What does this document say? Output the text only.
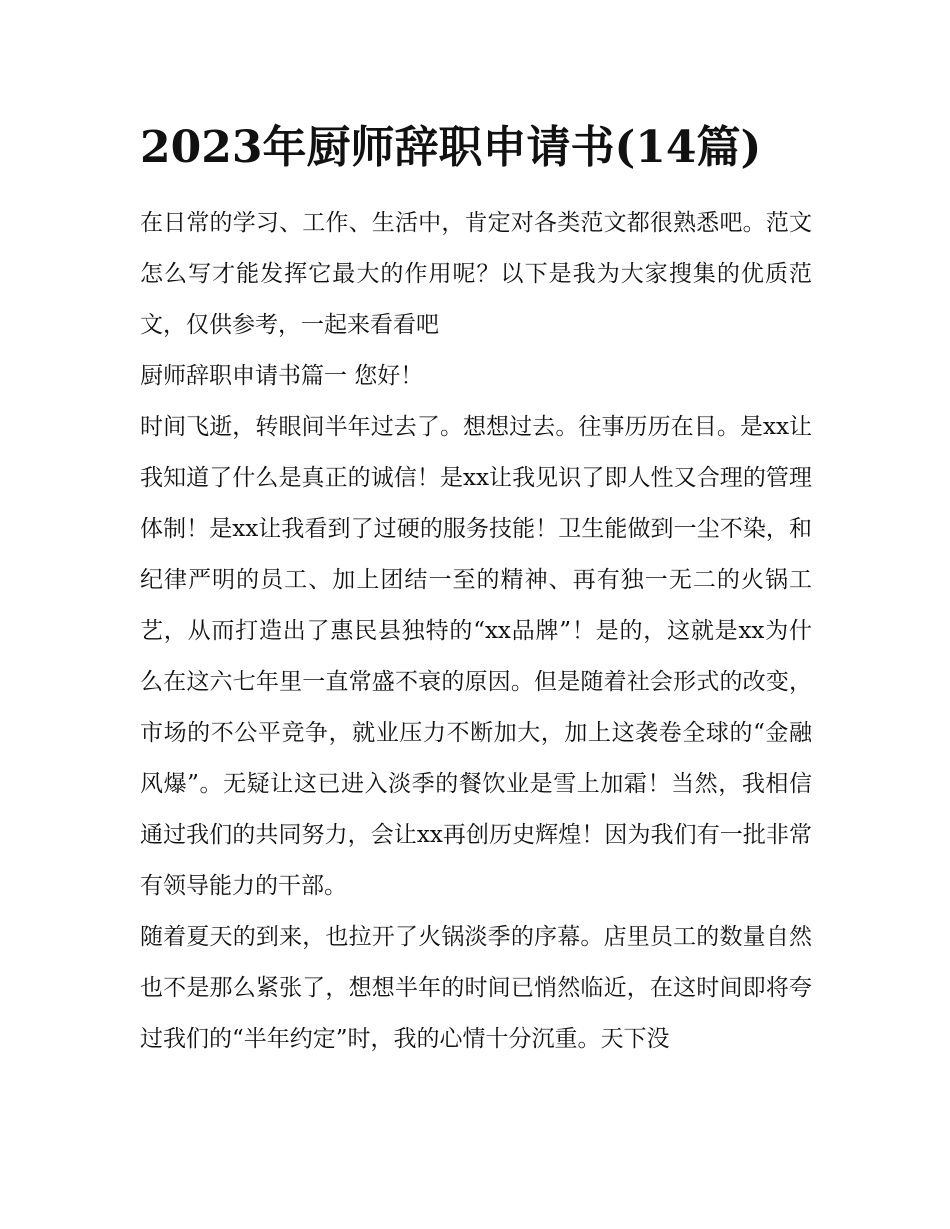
2023年厨师辞职申请书(14篇)

在日常的学习、工作、生活中，肯定对各类范文都很熟悉吧。范文怎么写才能发挥它最大的作用呢？以下是我为大家搜集的优质范文，仅供参考，一起来看看吧

厨师辞职申请书篇一 您好！

时间飞逝，转眼间半年过去了。想想过去。往事历历在目。是xx让我知道了什么是真正的诚信！是xx让我见识了即人性又合理的管理体制！是xx让我看到了过硬的服务技能！卫生能做到一尘不染，和纪律严明的员工、加上团结一至的精神、再有独一无二的火锅工艺，从而打造出了惠民县独特的“xx品牌”！是的，这就是xx为什么在这六七年里一直常盛不衰的原因。但是随着社会形式的改变，市场的不公平竞争，就业压力不断加大，加上这袭卷全球的“金融风爆”。无疑让这已进入淡季的餐饮业是雪上加霜！当然，我相信通过我们的共同努力，会让xx再创历史辉煌！因为我们有一批非常有领导能力的干部。

随着夏天的到来，也拉开了火锅淡季的序幕。店里员工的数量自然也不是那么紧张了，想想半年的时间已悄然临近，在这时间即将夸过我们的“半年约定”时，我的心情十分沉重。天下没
